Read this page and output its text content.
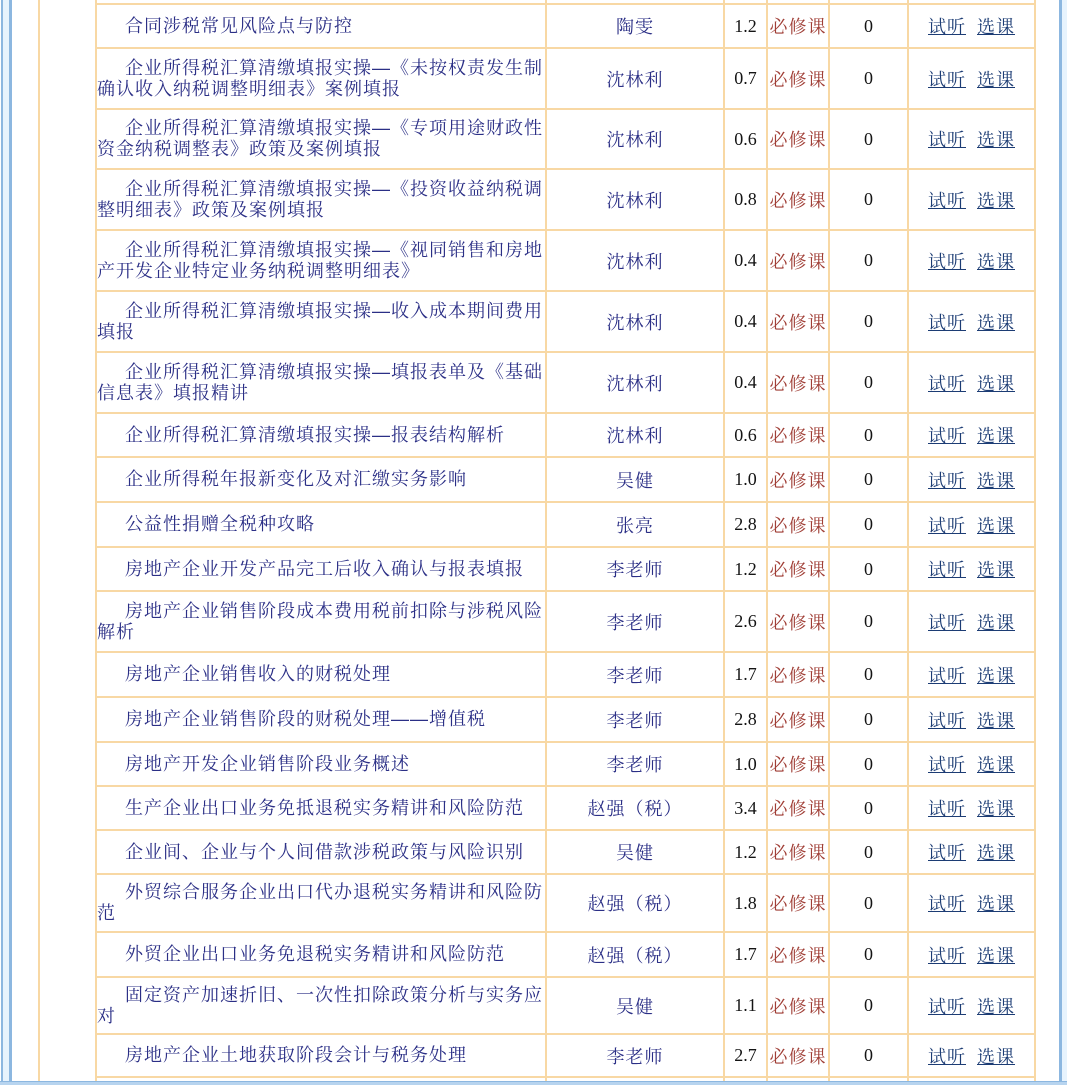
合同涉税常见风险点与防控	陶雯	1.2 必修课 0	试听 选课
企业所得税汇算清缴填报实操—《未按权责发生制确认收入纳税调整明细表》案例填报	沈林利	0.7 必修课 0	试听 选课
企业所得税汇算清缴填报实操—《专项用途财政性资金纳税调整表》政策及案例填报	沈林利	0.6 必修课 0	试听 选课
企业所得税汇算清缴填报实操—《投资收益纳税调整明细表》政策及案例填报	沈林利	0.8 必修课 0	试听 选课
企业所得税汇算清缴填报实操—《视同销售和房地产开发企业特定业务纳税调整明细表》	沈林利	0.4 必修课 0	试听 选课
企业所得税汇算清缴填报实操—收入成本期间费用填报	沈林利	0.4 必修课 0	试听 选课
企业所得税汇算清缴填报实操—填报表单及《基础信息表》填报精讲	沈林利	0.4 必修课 0	试听 选课
企业所得税汇算清缴填报实操—报表结构解析	沈林利	0.6 必修课 0	试听 选课
企业所得税年报新变化及对汇缴实务影响	吴健	1.0 必修课 0	试听 选课
公益性捐赠全税种攻略	张亮	2.8 必修课 0	试听 选课
房地产企业开发产品完工后收入确认与报表填报	李老师	1.2 必修课 0	试听 选课
房地产企业销售阶段成本费用税前扣除与涉税风险解析	李老师	2.6 必修课 0	试听 选课
房地产企业销售收入的财税处理	李老师	1.7 必修课 0	试听 选课
房地产企业销售阶段的财税处理——增值税	李老师	2.8 必修课 0	试听 选课
房地产开发企业销售阶段业务概述	李老师	1.0 必修课 0	试听 选课
生产企业出口业务免抵退税实务精讲和风险防范	赵强（税）	3.4 必修课 0	试听 选课
企业间、企业与个人间借款涉税政策与风险识别	吴健	1.2 必修课 0	试听 选课
外贸综合服务企业出口代办退税实务精讲和风险防范	赵强（税）	1.8 必修课 0	试听 选课
外贸企业出口业务免退税实务精讲和风险防范	赵强（税）	1.7 必修课 0	试听 选课
固定资产加速折旧、一次性扣除政策分析与实务应对	吴健	1.1 必修课 0	试听 选课
房地产企业土地获取阶段会计与税务处理	李老师	2.7 必修课 0	试听 选课
